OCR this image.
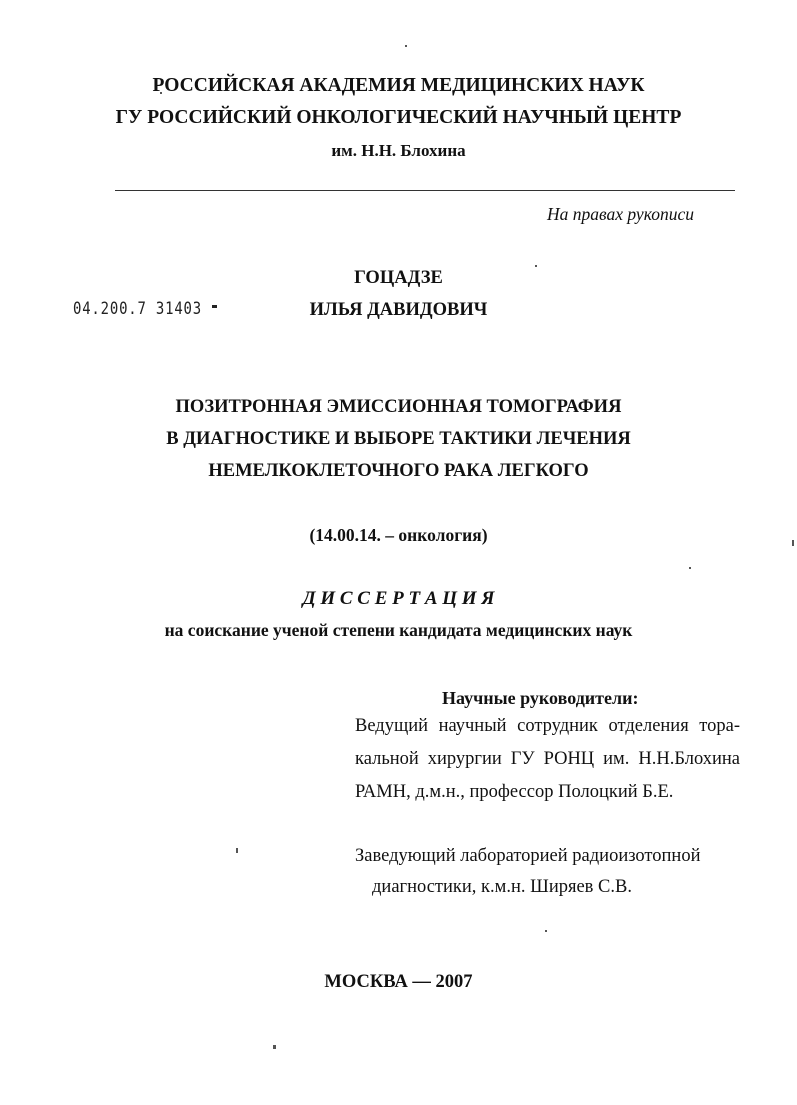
РОССИЙСКАЯ АКАДЕМИЯ МЕДИЦИНСКИХ НАУК
ГУ РОССИЙСКИЙ ОНКОЛОГИЧЕСКИЙ НАУЧНЫЙ ЦЕНТР
им. Н.Н. Блохина
На правах рукописи
04.200.7 31403
ГОЦАДЗЕ
ИЛЬЯ ДАВИДОВИЧ
ПОЗИТРОННАЯ ЭМИССИОННАЯ ТОМОГРАФИЯ
В ДИАГНОСТИКЕ И ВЫБОРЕ ТАКТИКИ ЛЕЧЕНИЯ
НЕМЕЛКОКЛЕТОЧНОГО РАКА ЛЕГКОГО
(14.00.14. – онкология)
Д И С С Е Р Т А Ц И Я
на соискание ученой степени кандидата медицинских наук
Научные руководители:
Ведущий научный сотрудник отделения тора-
кальной хирургии ГУ РОНЦ им. Н.Н.Блохина
РАМН, д.м.н., профессор Полоцкий Б.Е.
Заведующий лабораторией радиоизотопной
диагностики, к.м.н. Ширяев С.В.
МОСКВА — 2007
